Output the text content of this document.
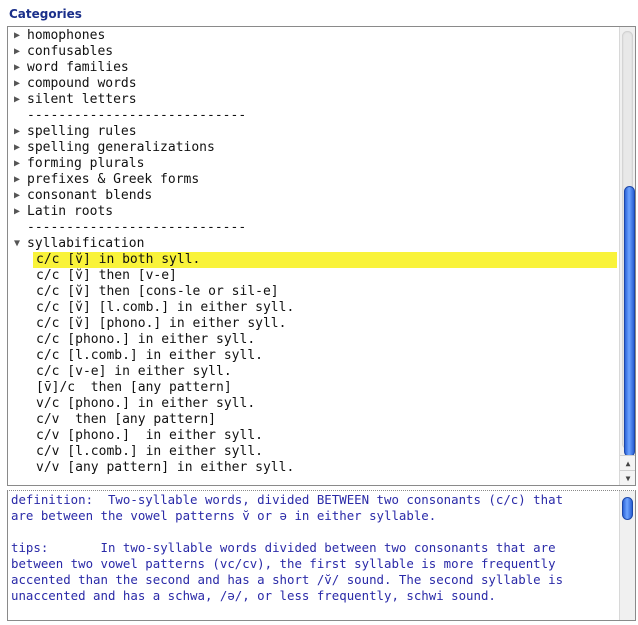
Categories
▶ homophones
▶ confusables
▶ word families
▶ compound words
▶ silent letters
----------------------------
▶ spelling rules
▶ spelling generalizations
▶ forming plurals
▶ prefixes & Greek forms
▶ consonant blends
▶ Latin roots
----------------------------
▼ syllabification
c/c [v̆] in both syll.
c/c [v̆] then [v-e]
c/c [v̆] then [cons-le or sil-e]
c/c [v̆] [l.comb.] in either syll.
c/c [v̆] [phono.] in either syll.
c/c [phono.] in either syll.
c/c [l.comb.] in either syll.
c/c [v-e] in either syll.
[v̄]/c  then [any pattern]
v/c [phono.] in either syll.
c/v  then [any pattern]
c/v [phono.]  in either syll.
c/v [l.comb.] in either syll.
v/v [any pattern] in either syll.	▲
▼
definition:  Two-syllable words, divided BETWEEN two consonants (c/c) that
are between the vowel patterns v̆ or ə in either syllable.
tips:       In two-syllable words divided between two consonants that are
between two vowel patterns (vc/cv), the first syllable is more frequently
accented than the second and has a short /v̆/ sound. The second syllable is
unaccented and has a schwa, /ə/, or less frequently, schwi sound.
